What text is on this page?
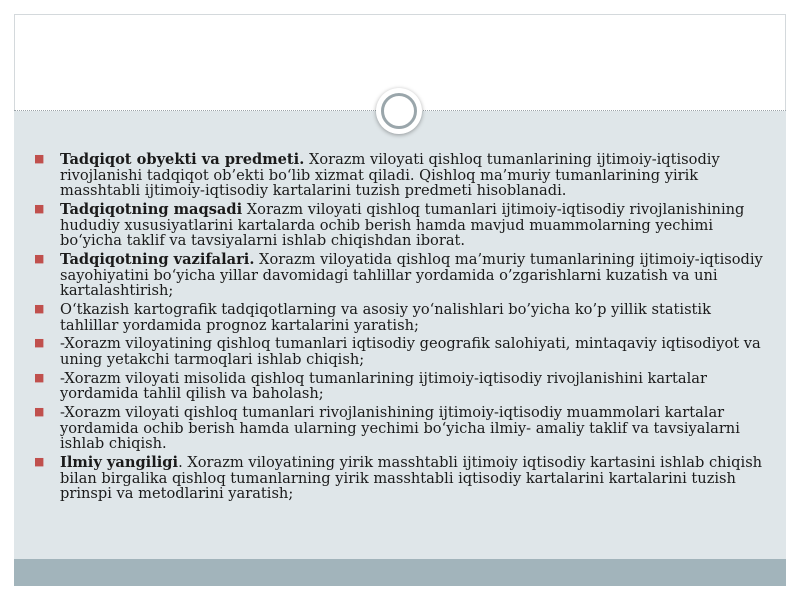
■ Tadqiqot obyekti va predmeti. Xorazm viloyati qishloq tumanlarining ijtimoiy-iqtisodiy rivojlanishi tadqiqot ob’ekti bo‘lib xizmat qiladi. Qishloq ma’muriy tumanlarining yirik masshtabli ijtimoiy-iqtisodiy kartalarini tuzish predmeti hisoblanadi.
■ Tadqiqotning maqsadi Xorazm viloyati qishloq tumanlari ijtimoiy-iqtisodiy rivojlanishining hududiy xususiyatlarini kartalarda ochib berish hamda mavjud muammolarning yechimi bo‘yicha taklif va tavsiyalarni ishlab chiqishdan iborat.
■ Tadqiqotning vazifalari. Xorazm viloyatida qishloq ma’muriy tumanlarining ijtimoiy-iqtisodiy sayohiyatini bo‘yicha yillar davomidagi tahlillar yordamida o’zgarishlarni kuzatish va uni kartalashtirish;
■ O‘tkazish kartografik tadqiqotlarning va asosiy yo‘nalishlari bo’yicha ko’p yillik statistik tahlillar yordamida prognoz kartalarini yaratish;
■ -Xorazm viloyatining qishloq tumanlari iqtisodiy geografik salohiyati, mintaqaviy iqtisodiyot va uning yetakchi tarmoqlari ishlab chiqish;
■ -Xorazm viloyati misolida qishloq tumanlarining ijtimoiy-iqtisodiy rivojlanishini kartalar yordamida tahlil qilish va baholash;
■ -Xorazm viloyati qishloq tumanlari rivojlanishining ijtimoiy-iqtisodiy muammolari kartalar yordamida ochib berish hamda ularning yechimi bo‘yicha ilmiy- amaliy taklif va tavsiyalarni ishlab chiqish.
■ Ilmiy yangiligi. Xorazm viloyatining yirik masshtabli ijtimoiy iqtisodiy kartasini ishlab chiqish bilan birgalika qishloq tumanlarning yirik masshtabli iqtisodiy kartalarini kartalarini tuzish prinspi va metodlarini yaratish;
